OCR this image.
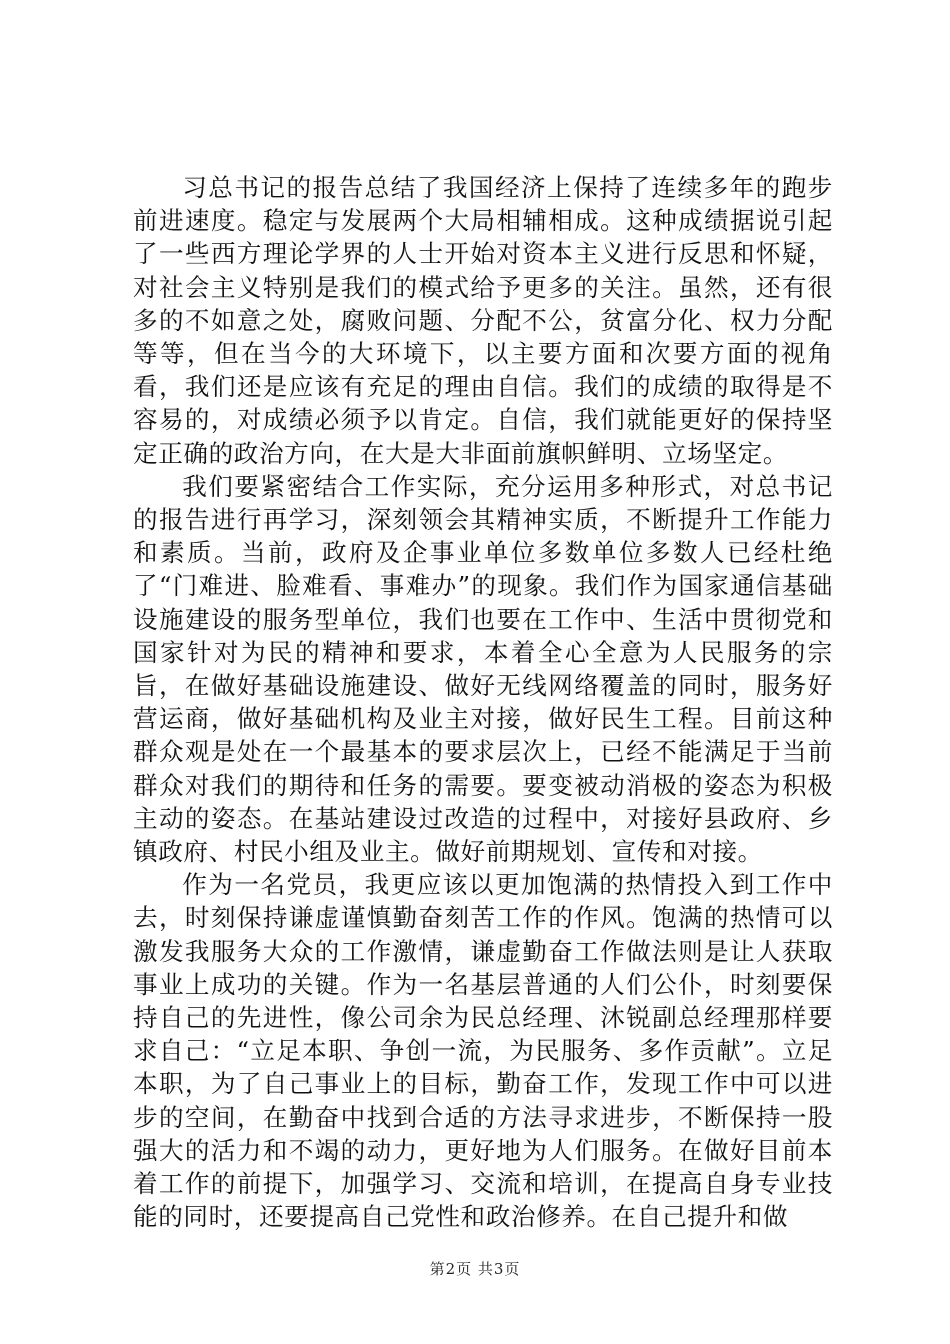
习总书记的报告总结了我国经济上保持了连续多年的跑步前进速度。稳定与发展两个大局相辅相成。这种成绩据说引起了一些西方理论学界的人士开始对资本主义进行反思和怀疑，对社会主义特别是我们的模式给予更多的关注。虽然，还有很多的不如意之处，腐败问题、分配不公，贫富分化、权力分配等等，但在当今的大环境下，以主要方面和次要方面的视角看，我们还是应该有充足的理由自信。我们的成绩的取得是不容易的，对成绩必须予以肯定。自信，我们就能更好的保持坚定正确的政治方向，在大是大非面前旗帜鲜明、立场坚定。

我们要紧密结合工作实际，充分运用多种形式，对总书记的报告进行再学习，深刻领会其精神实质，不断提升工作能力和素质。当前，政府及企事业单位多数单位多数人已经杜绝了“门难进、脸难看、事难办”的现象。我们作为国家通信基础设施建设的服务型单位，我们也要在工作中、生活中贯彻党和国家针对为民的精神和要求，本着全心全意为人民服务的宗旨，在做好基础设施建设、做好无线网络覆盖的同时，服务好营运商，做好基础机构及业主对接，做好民生工程。目前这种群众观是处在一个最基本的要求层次上，已经不能满足于当前群众对我们的期待和任务的需要。要变被动消极的姿态为积极主动的姿态。在基站建设过改造的过程中，对接好县政府、乡镇政府、村民小组及业主。做好前期规划、宣传和对接。

作为一名党员，我更应该以更加饱满的热情投入到工作中去，时刻保持谦虚谨慎勤奋刻苦工作的作风。饱满的热情可以激发我服务大众的工作激情，谦虚勤奋工作做法则是让人获取事业上成功的关键。作为一名基层普通的人们公仆，时刻要保持自己的先进性，像公司余为民总经理、沐锐副总经理那样要求自己：“立足本职、争创一流，为民服务、多作贡献”。立足本职，为了自己事业上的目标，勤奋工作，发现工作中可以进步的空间，在勤奋中找到合适的方法寻求进步，不断保持一股强大的活力和不竭的动力，更好地为人们服务。在做好目前本着工作的前提下，加强学习、交流和培训，在提高自身专业技能的同时，还要提高自己党性和政治修养。在自己提升和做

第2页 共3页
